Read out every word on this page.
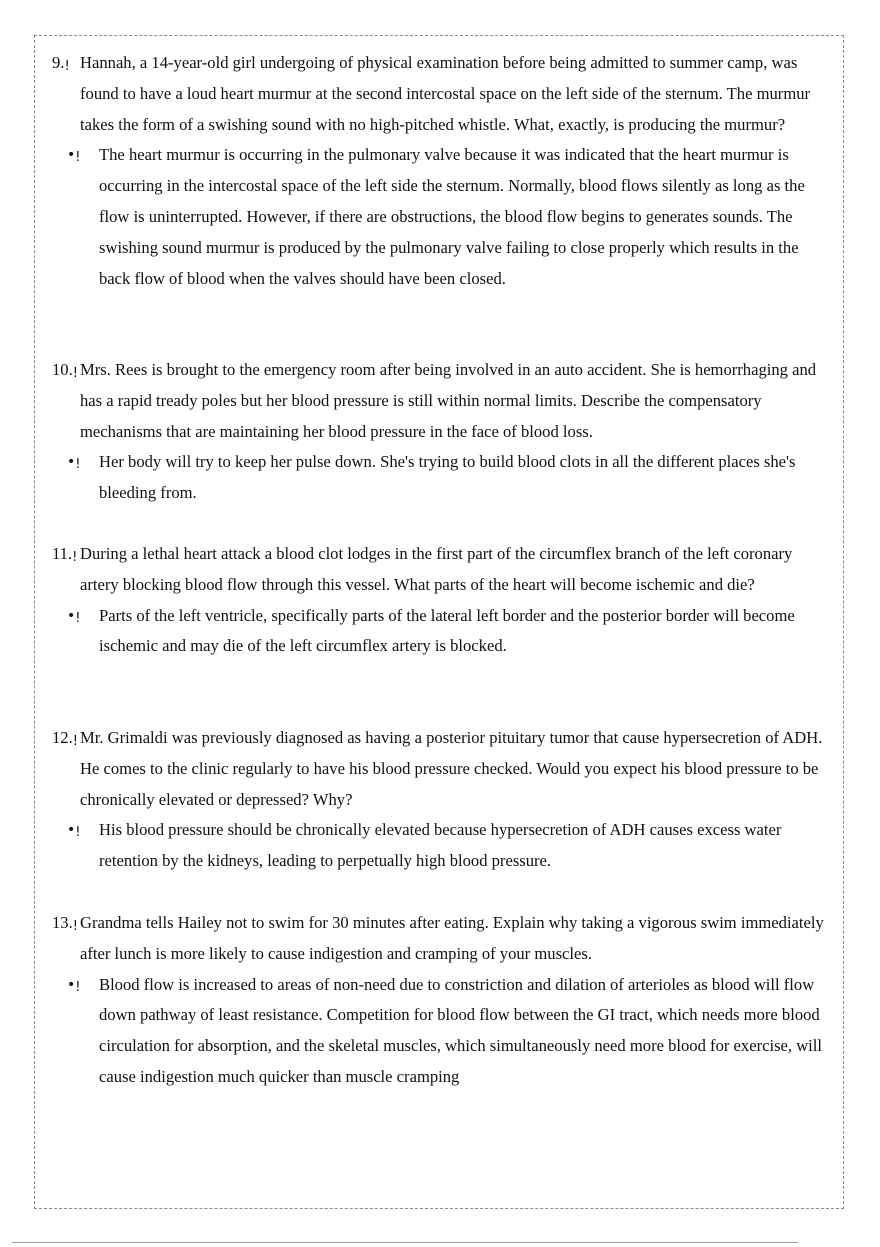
9.! Hannah, a 14-year-old girl undergoing of physical examination before being admitted to summer camp, was found to have a loud heart murmur at the second intercostal space on the left side of the sternum. The murmur takes the form of a swishing sound with no high-pitched whistle. What, exactly, is producing the murmur?
•! The heart murmur is occurring in the pulmonary valve because it was indicated that the heart murmur is occurring in the intercostal space of the left side the sternum. Normally, blood flows silently as long as the flow is uninterrupted. However, if there are obstructions, the blood flow begins to generates sounds. The swishing sound murmur is produced by the pulmonary valve failing to close properly which results in the back flow of blood when the valves should have been closed.
10.! Mrs. Rees is brought to the emergency room after being involved in an auto accident. She is hemorrhaging and has a rapid tready poles but her blood pressure is still within normal limits. Describe the compensatory mechanisms that are maintaining her blood pressure in the face of blood loss.
•! Her body will try to keep her pulse down. She's trying to build blood clots in all the different places she's bleeding from.
11.! During a lethal heart attack a blood clot lodges in the first part of the circumflex branch of the left coronary artery blocking blood flow through this vessel. What parts of the heart will become ischemic and die?
•! Parts of the left ventricle, specifically parts of the lateral left border and the posterior border will become ischemic and may die of the left circumflex artery is blocked.
12.! Mr. Grimaldi was previously diagnosed as having a posterior pituitary tumor that cause hypersecretion of ADH. He comes to the clinic regularly to have his blood pressure checked. Would you expect his blood pressure to be chronically elevated or depressed? Why?
•! His blood pressure should be chronically elevated because hypersecretion of ADH causes excess water retention by the kidneys, leading to perpetually high blood pressure.
13.! Grandma tells Hailey not to swim for 30 minutes after eating. Explain why taking a vigorous swim immediately after lunch is more likely to cause indigestion and cramping of your muscles.
•! Blood flow is increased to areas of non-need due to constriction and dilation of arterioles as blood will flow down pathway of least resistance. Competition for blood flow between the GI tract, which needs more blood circulation for absorption, and the skeletal muscles, which simultaneously need more blood for exercise, will cause indigestion much quicker than muscle cramping
